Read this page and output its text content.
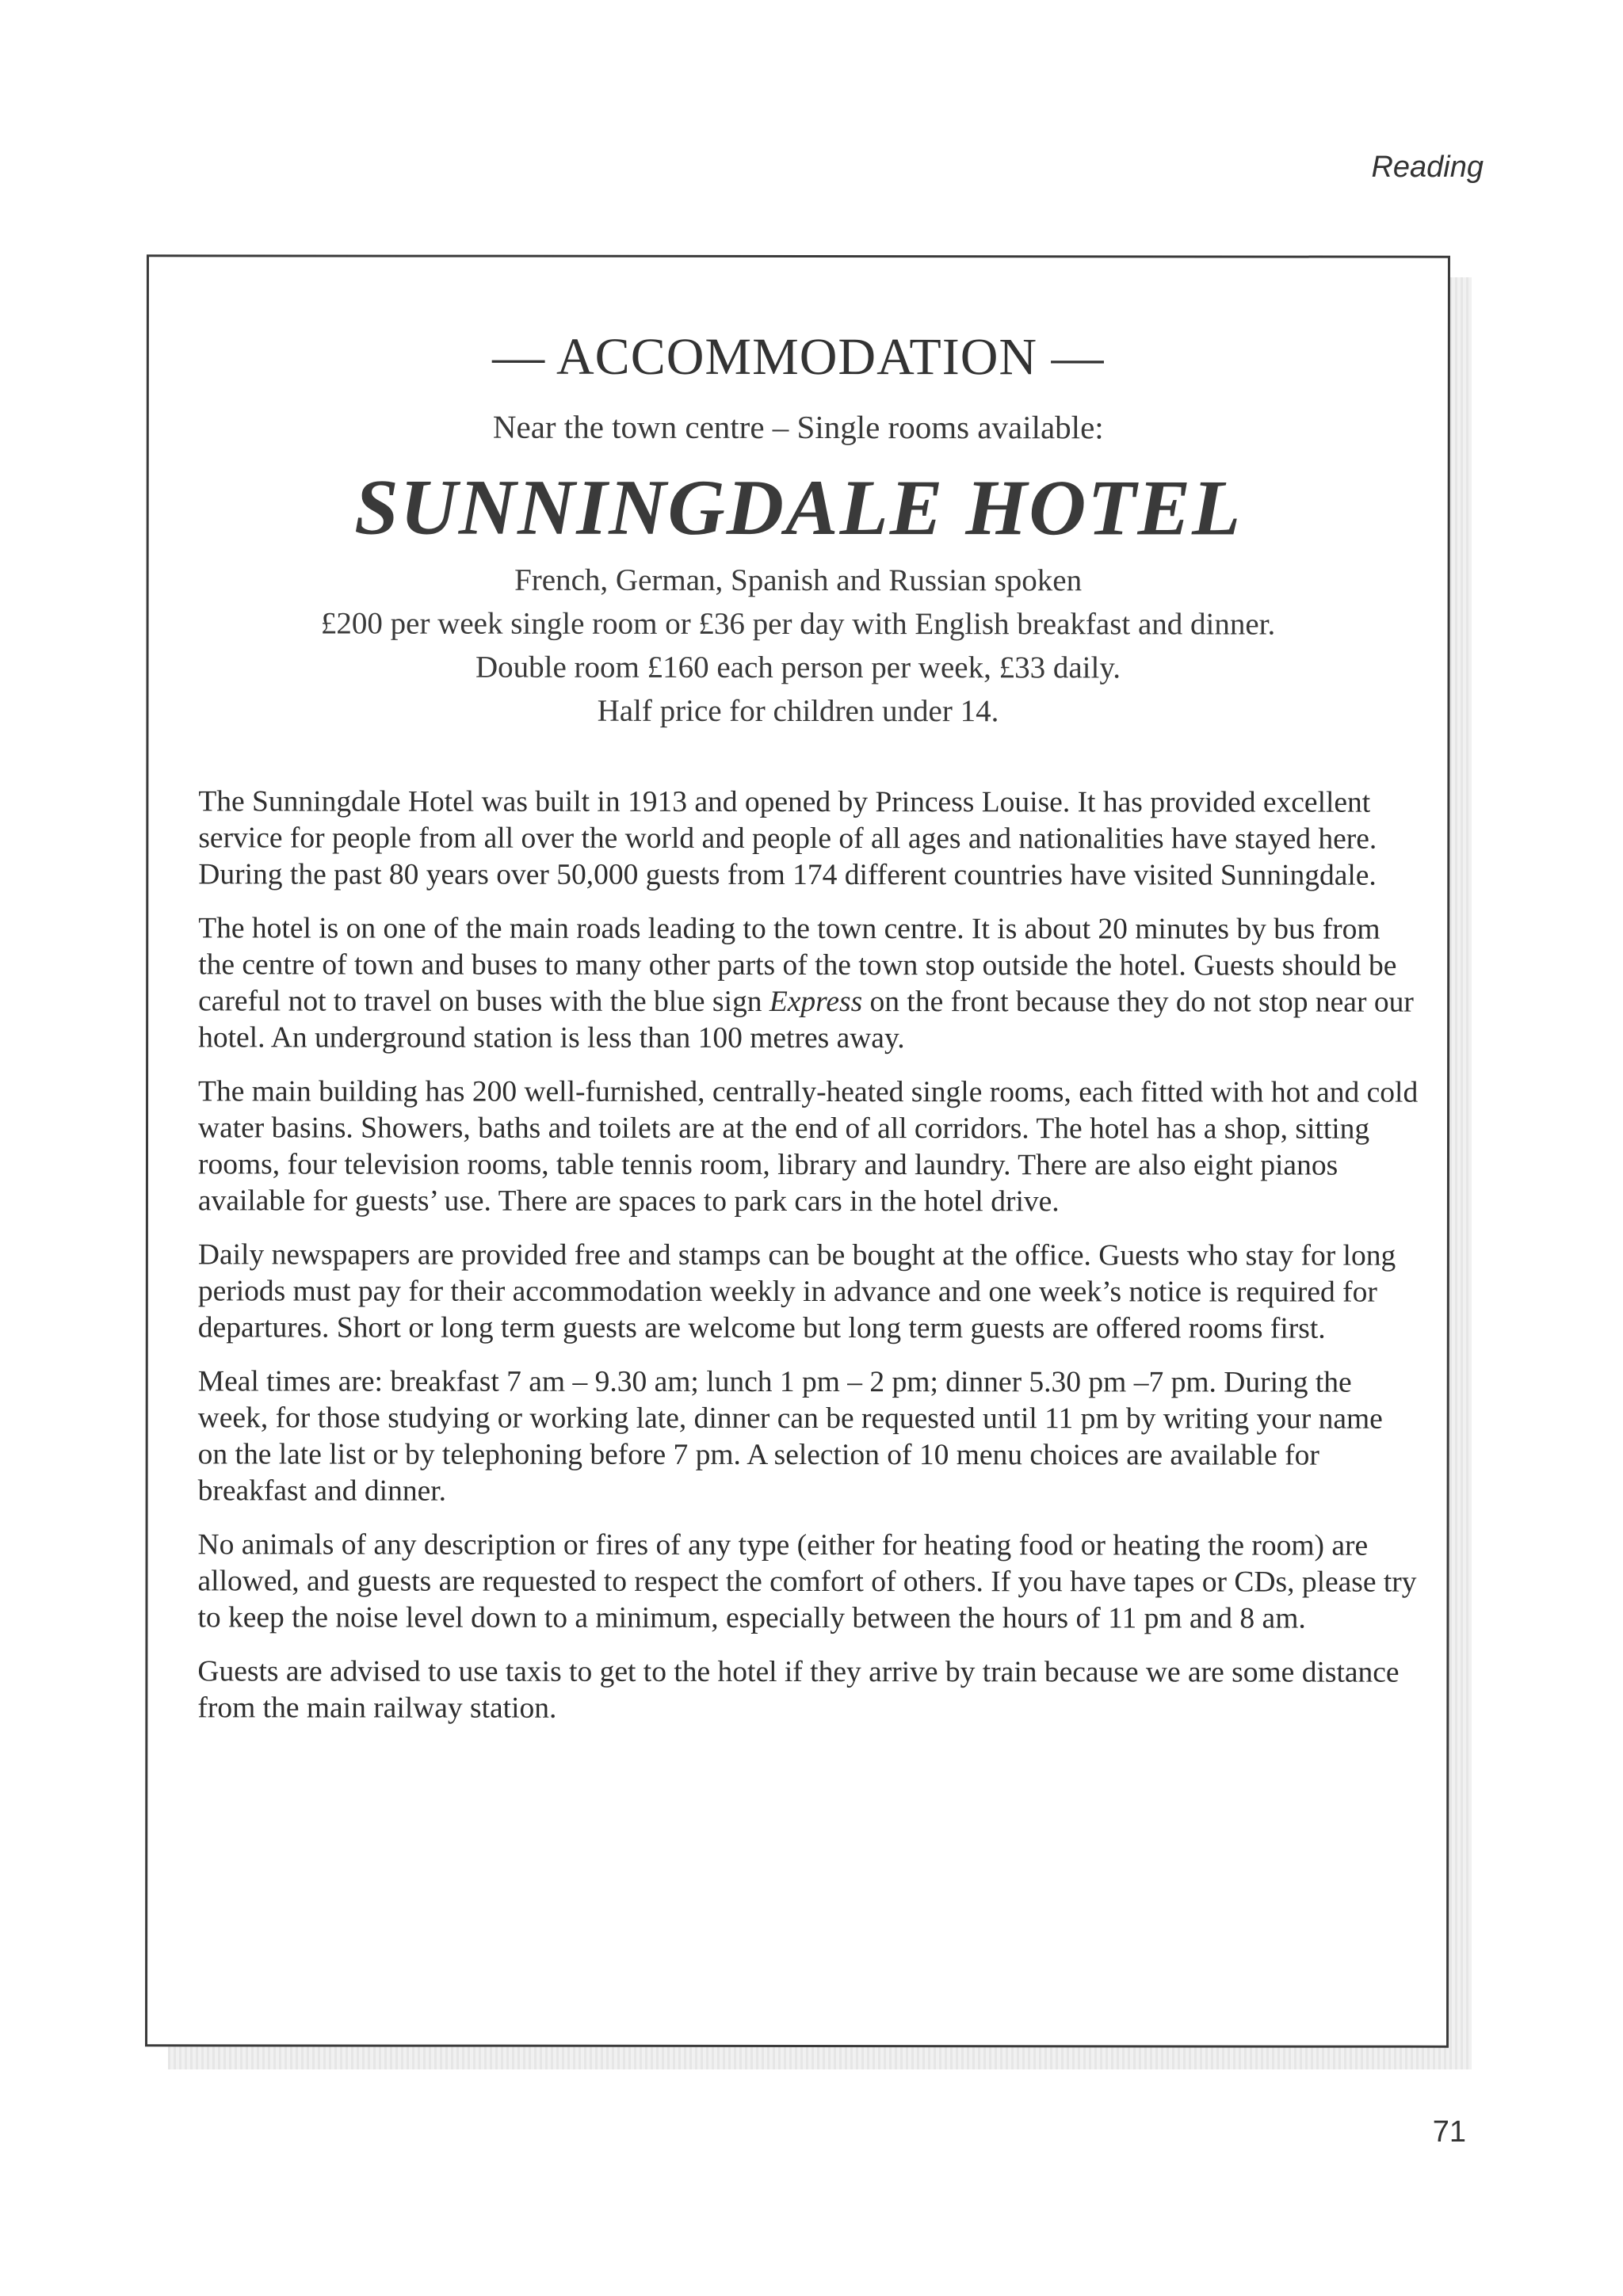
Reading
— ACCOMMODATION —
Near the town centre – Single rooms available:
SUNNINGDALE HOTEL
French, German, Spanish and Russian spoken
£200 per week single room or £36 per day with English breakfast and dinner.
Double room £160 each person per week, £33 daily.
Half price for children under 14.

The Sunningdale Hotel was built in 1913 and opened by Princess Louise. It has provided excellent service for people from all over the world and people of all ages and nationalities have stayed here. During the past 80 years over 50,000 guests from 174 different countries have visited Sunningdale.

The hotel is on one of the main roads leading to the town centre. It is about 20 minutes by bus from the centre of town and buses to many other parts of the town stop outside the hotel. Guests should be careful not to travel on buses with the blue sign Express on the front because they do not stop near our hotel. An underground station is less than 100 metres away.

The main building has 200 well-furnished, centrally-heated single rooms, each fitted with hot and cold water basins. Showers, baths and toilets are at the end of all corridors. The hotel has a shop, sitting rooms, four television rooms, table tennis room, library and laundry. There are also eight pianos available for guests’ use. There are spaces to park cars in the hotel drive.

Daily newspapers are provided free and stamps can be bought at the office. Guests who stay for long periods must pay for their accommodation weekly in advance and one week’s notice is required for departures. Short or long term guests are welcome but long term guests are offered rooms first.

Meal times are: breakfast 7 am – 9.30 am; lunch 1 pm – 2 pm; dinner 5.30 pm –7 pm. During the week, for those studying or working late, dinner can be requested until 11 pm by writing your name on the late list or by telephoning before 7 pm. A selection of 10 menu choices are available for breakfast and dinner.

No animals of any description or fires of any type (either for heating food or heating the room) are allowed, and guests are requested to respect the comfort of others. If you have tapes or CDs, please try to keep the noise level down to a minimum, especially between the hours of 11 pm and 8 am.

Guests are advised to use taxis to get to the hotel if they arrive by train because we are some distance from the main railway station.

71
